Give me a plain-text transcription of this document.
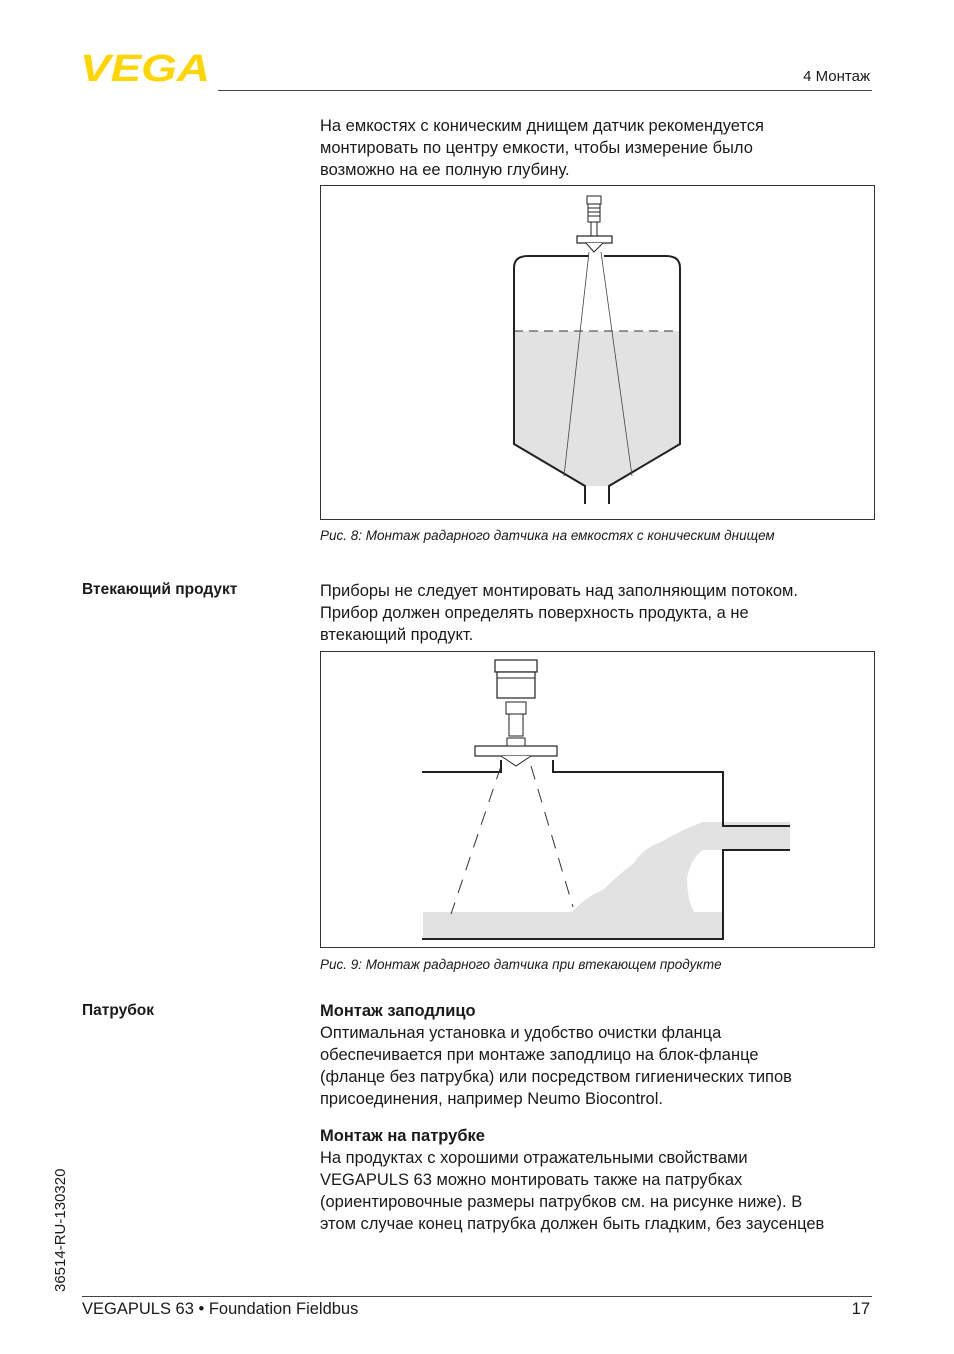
VEGA	4 Монтаж

На емкостях с коническим днищем датчик рекомендуется

монтировать по центру емкости, чтобы измерение было

возможно на ее полную глубину.

Рис. 8: Монтаж радарного датчика на емкостях с коническим днищем
Втекающий продукт	Приборы не следует монтировать над заполняющим потоком.

Прибор должен определять поверхность продукта, а не

втекающий продукт.

Рис. 9: Монтаж радарного датчика при втекающем продукте
Патрубок	Монтаж заподлицо

Оптимальная установка и удобство очистки фланца

обеспечивается при монтаже заподлицо на блок-фланце

(фланце без патрубка) или посредством гигиенических типов

присоединения, например Neumo Biocontrol.

Монтаж на патрубке

На продуктах с хорошими отражательными свойствами

VEGAPULS 63 можно монтировать также на патрубках

(ориентировочные размеры патрубков см. на рисунке ниже). В

этом случае конец патрубка должен быть гладким, без заусенцев

36514-RU-130320
VEGAPULS 63 • Foundation Fieldbus	17
